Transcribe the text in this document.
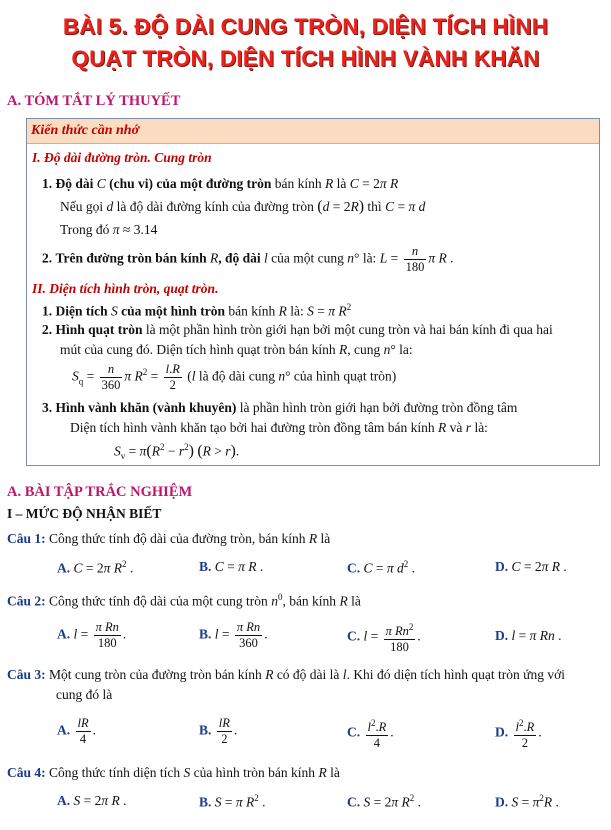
BÀI 5. ĐỘ DÀI CUNG TRÒN, DIỆN TÍCH HÌNH
QUẠT TRÒN, DIỆN TÍCH HÌNH VÀNH KHĂN
A. TÓM TẮT LÝ THUYẾT
Kiến thức cần nhớ
I. Độ dài đường tròn. Cung tròn
1. Độ dài C (chu vi) của một đường tròn bán kính R là C = 2π R
Nếu gọi d là độ dài đường kính của đường tròn (d = 2R) thì C = π d
Trong đó π ≈ 3.14
2. Trên đường tròn bán kính R, độ dài l của một cung n° là: $L = \frac{n}{180}$ π R .
II. Diện tích hình tròn, quạt tròn.
1. Diện tích S của một hình tròn bán kính R là: S = π $R^2$
2. Hình quạt tròn là một phần hình tròn giới hạn bởi một cung tròn và hai bán kính đi qua hai
mút của cung đó. Diện tích hình quạt tròn bán kính R, cung n° la:
$S_q = \frac{n}{360}$ π $R^2 = \frac{l.R}{2} (l$ là độ dài cung n° của hình quạt tròn)
3. Hình vành khăn (vành khuyên) là phần hình tròn giới hạn bởi đường tròn đồng tâm
Diện tích hình vành khăn tạo bởi hai đường tròn đồng tâm bán kính R và r là:
$S_v = \pi(R^2 - r^2) (R > r)$.
A. BÀI TẬP TRẮC NGHIỆM
I – MỨC ĐỘ NHẬN BIẾT
Câu 1: Công thức tính độ dài của đường tròn, bán kính R là
A. C = 2π $R^2$ .	B. C = π R .	C. C = π $d^2$ .	D. C = 2π R .
Câu 2: Công thức tính độ dài của một cung tròn $n^0$, bán kính R là
A. $l = \frac{\text{π Rn}}{180}$ .	B. $l = \frac{\text{π Rn}}{360}$ .	C. $l = \frac{\pi Rn^2}{180}$ .	D. l = π Rn .
Câu 3: Một cung tròn của đường tròn bán kính R có độ dài là l. Khi đó diện tích hình quạt tròn ứng với
cung đó là
A. $\frac{lR}{4}$ .	B. $\frac{lR}{2}$ .	C. $\frac{l^2.R}{4}$ .	D. $\frac{l^2.R}{2}$ .
Câu 4: Công thức tính diện tích S của hình tròn bán kính R là
A. S = 2π R .	B. S = π $R^2$ .	C. S = 2π $R^2$ .	D. $S = \pi^2R$ .
